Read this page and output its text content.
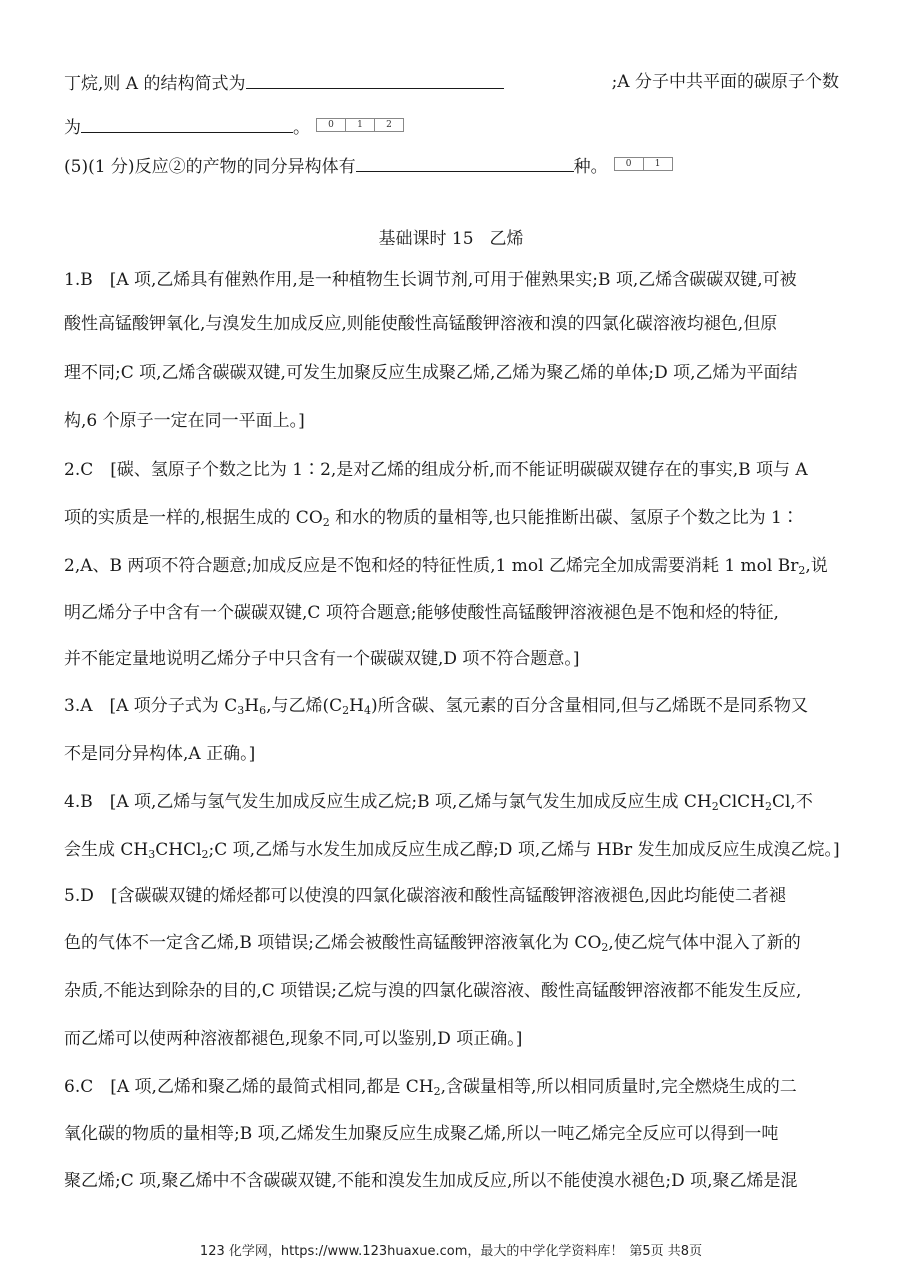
丁烷,则 A 的结构简式为	;A 分子中共平面的碳原子个数
为	。	0	1	2
(5)(1 分)反应②的产物的同分异构体有	种。	0	1
基础课时 15 乙烯
1.B　[A 项,乙烯具有催熟作用,是一种植物生长调节剂,可用于催熟果实;B 项,乙烯含碳碳双键,可被
酸性高锰酸钾氧化,与溴发生加成反应,则能使酸性高锰酸钾溶液和溴的四氯化碳溶液均褪色,但原
理不同;C 项,乙烯含碳碳双键,可发生加聚反应生成聚乙烯,乙烯为聚乙烯的单体;D 项,乙烯为平面结
构,6 个原子一定在同一平面上。]
2.C　[碳、氢原子个数之比为 1∶2,是对乙烯的组成分析,而不能证明碳碳双键存在的事实,B 项与 A
项的实质是一样的,根据生成的 $CO_2$ 和水的物质的量相等,也只能推断出碳、氢原子个数之比为 1∶
2,A、B 两项不符合题意;加成反应是不饱和烃的特征性质,1 mol 乙烯完全加成需要消耗 1 mol $Br_2$,说
明乙烯分子中含有一个碳碳双键,C 项符合题意;能够使酸性高锰酸钾溶液褪色是不饱和烃的特征,
并不能定量地说明乙烯分子中只含有一个碳碳双键,D 项不符合题意。]
3.A　[A 项分子式为 $C_3H_6$,与乙烯$(C_2H_4)$所含碳、氢元素的百分含量相同,但与乙烯既不是同系物又
不是同分异构体,A 正确。]
4.B　[A 项,乙烯与氢气发生加成反应生成乙烷;B 项,乙烯与氯气发生加成反应生成 $CH_2ClCH_2Cl$,不
会生成 $CH_3CHCl_2;C$ 项,乙烯与水发生加成反应生成乙醇;D 项,乙烯与 HBr 发生加成反应生成溴乙烷。]
5.D　[含碳碳双键的烯烃都可以使溴的四氯化碳溶液和酸性高锰酸钾溶液褪色,因此均能使二者褪
色的气体不一定含乙烯,B 项错误;乙烯会被酸性高锰酸钾溶液氧化为 $CO_2$,使乙烷气体中混入了新的
杂质,不能达到除杂的目的,C 项错误;乙烷与溴的四氯化碳溶液、酸性高锰酸钾溶液都不能发生反应,
而乙烯可以使两种溶液都褪色,现象不同,可以鉴别,D 项正确。]
6.C　[A 项,乙烯和聚乙烯的最简式相同,都是 $CH_2$,含碳量相等,所以相同质量时,完全燃烧生成的二
氧化碳的物质的量相等;B 项,乙烯发生加聚反应生成聚乙烯,所以一吨乙烯完全反应可以得到一吨
聚乙烯;C 项,聚乙烯中不含碳碳双键,不能和溴发生加成反应,所以不能使溴水褪色;D 项,聚乙烯是混
123 化学网，https://www.123huaxue.com，最大的中学化学资料库！ 第5页 共8页
